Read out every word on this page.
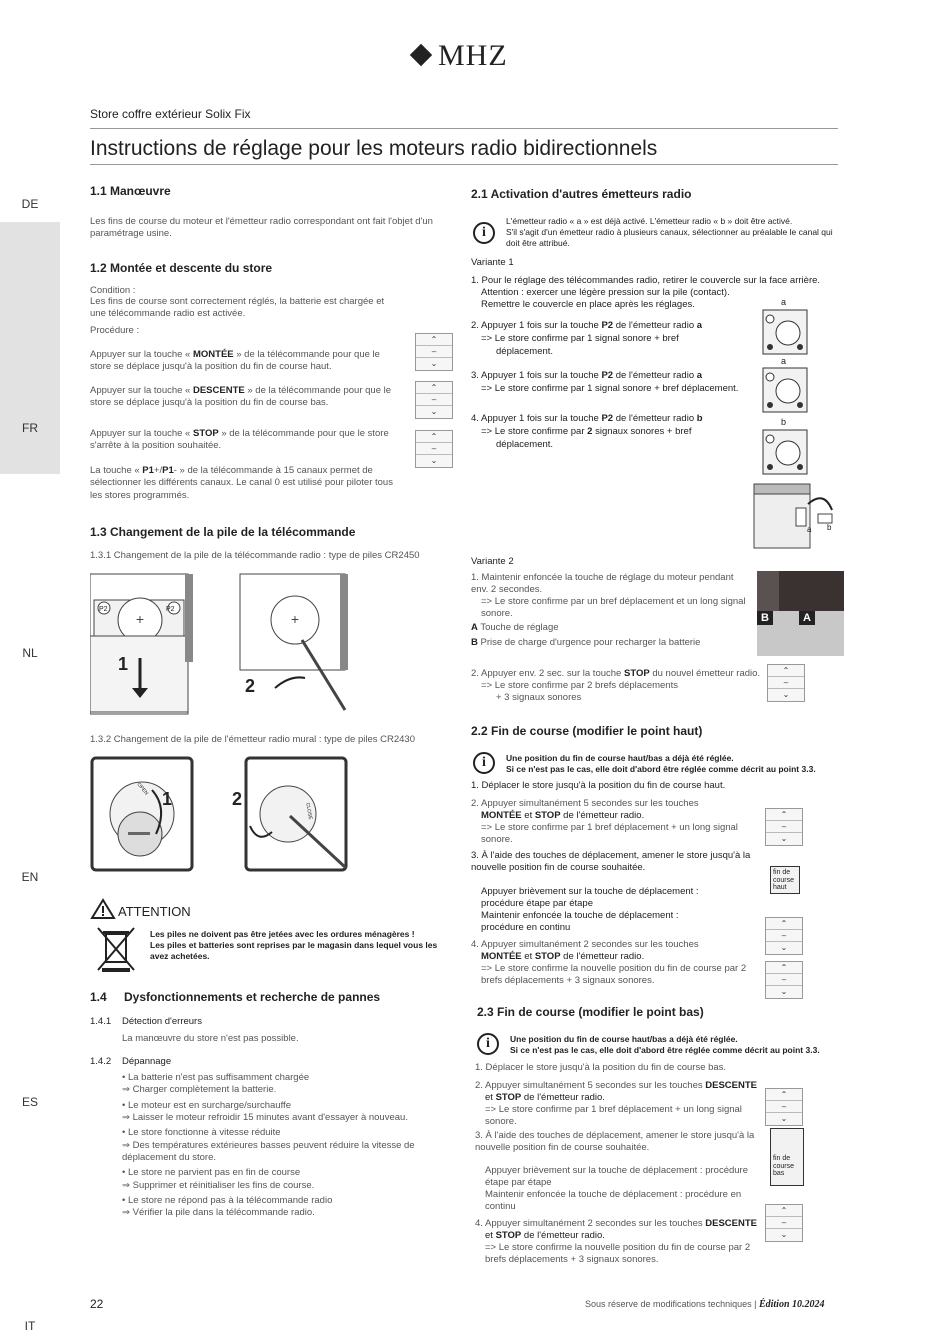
MHZ
Store coffre extérieur Solix Fix
Instructions de réglage pour les moteurs radio bidirectionnels
DE
FR
NL
EN
ES
IT
1.1 Manœuvre
Les fins de course du moteur et l'émetteur radio correspondant ont fait l'objet d'un paramétrage usine.
1.2 Montée et descente du store
Condition :
Les fins de course sont correctement réglés, la batterie est chargée et une télécommande radio est activée.
Procédure :
Appuyer sur la touche « MONTÉE » de la télécommande pour que le store se déplace jusqu'à la position du fin de course haut.
⌃
–
⌄
Appuyer sur la touche « DESCENTE » de la télécommande pour que le store se déplace jusqu'à la position du fin de course bas.
⌃
–
⌄
Appuyer sur la touche « STOP » de la télécommande pour que le store s'arrête à la position souhaitée.
⌃
–
⌄
La touche « P1+/P1- » de la télécommande à 15 canaux permet de sélectionner les différents canaux. Le canal 0 est utilisé pour piloter tous les stores programmés.
1.3 Changement de la pile de la télécommande
1.3.1 Changement de la pile de la télécommande radio : type de piles CR2450
+	+
1
2
P2	P2
1.3.2 Changement de la pile de l'émetteur radio mural : type de piles CR2430
1	2
OPEN
CLOSE
ATTENTION
Les piles ne doivent pas être jetées avec les ordures ménagères !
Les piles et batteries sont reprises par le magasin dans lequel vous les avez achetées.
1.4 Dysfonctionnements et recherche de pannes
1.4.1 Détection d'erreurs
La manœuvre du store n'est pas possible.
1.4.2 Dépannage
• La batterie n'est pas suffisamment chargée
⇒ Charger complètement la batterie.
• Le moteur est en surcharge/surchauffe
⇒ Laisser le moteur refroidir 15 minutes avant d'essayer à nouveau.
• Le store fonctionne à vitesse réduite
⇒ Des températures extérieures basses peuvent réduire la vitesse de déplacement du store.
• Le store ne parvient pas en fin de course
⇒ Supprimer et réinitialiser les fins de course.
• Le store ne répond pas à la télécommande radio
⇒ Vérifier la pile dans la télécommande radio.
2.1 Activation d'autres émetteurs radio
i
L'émetteur radio « a » est déjà activé. L'émetteur radio « b » doit être activé.
S'il s'agit d'un émetteur radio à plusieurs canaux, sélectionner au préalable le canal qui doit être attribué.
Variante 1
1. Pour le réglage des télécommandes radio, retirer le couvercle sur la face arrière.
Attention : exercer une légère pression sur la pile (contact).
Remettre le couvercle en place après les réglages.
2. Appuyer 1 fois sur la touche P2 de l'émetteur radio a
=> Le store confirme par 1 signal sonore + bref
déplacement.
3. Appuyer 1 fois sur la touche P2 de l'émetteur radio a
=> Le store confirme par 1 signal sonore + bref déplacement.
4. Appuyer 1 fois sur la touche P2 de l'émetteur radio b
=> Le store confirme par 2 signaux sonores + bref
déplacement.
a
a
b
a b
Variante 2
1. Maintenir enfoncée la touche de réglage du moteur pendant env. 2 secondes.
=> Le store confirme par un bref déplacement et un long signal sonore.
A Touche de réglage
B Prise de charge d'urgence pour recharger la batterie
B	A
2. Appuyer env. 2 sec. sur la touche STOP du nouvel émetteur radio.
=> Le store confirme par 2 brefs déplacements
+ 3 signaux sonores
⌃
–
⌄
2.2 Fin de course (modifier le point haut)
i	Une position du fin de course haut/bas a déjà été réglée.
Si ce n'est pas le cas, elle doit d'abord être réglée comme décrit au point 3.3.
1. Déplacer le store jusqu'à la position du fin de course haut.
2. Appuyer simultanément 5 secondes sur les touches
MONTÉE et STOP de l'émetteur radio.
=> Le store confirme par 1 bref déplacement + un long signal sonore.
⌃
–
⌄
3. À l'aide des touches de déplacement, amener le store jusqu'à la nouvelle position fin de course souhaitée.	fin de course haut
Appuyer brièvement sur la touche de déplacement :
procédure étape par étape
Maintenir enfoncée la touche de déplacement :
procédure en continu	⌃
–
⌄
4. Appuyer simultanément 2 secondes sur les touches
MONTÉE et STOP de l'émetteur radio.
=> Le store confirme la nouvelle position du fin de course par 2 brefs déplacements + 3 signaux sonores.
⌃
–
⌄
2.3 Fin de course (modifier le point bas)
i	Une position du fin de course haut/bas a déjà été réglée.
Si ce n'est pas le cas, elle doit d'abord être réglée comme décrit au point 3.3.
1. Déplacer le store jusqu'à la position du fin de course bas.
2. Appuyer simultanément 5 secondes sur les touches DESCENTE
et STOP de l'émetteur radio.
=> Le store confirme par 1 bref déplacement + un long signal sonore.
⌃
–
⌄
3. À l'aide des touches de déplacement, amener le store jusqu'à la nouvelle position fin de course souhaitée.
fin de course bas
Appuyer brièvement sur la touche de déplacement : procédure étape par étape
Maintenir enfoncée la touche de déplacement : procédure en continu
4. Appuyer simultanément 2 secondes sur les touches DESCENTE
et STOP de l'émetteur radio.
=> Le store confirme la nouvelle position du fin de course par 2 brefs déplacements + 3 signaux sonores.
⌃
–
⌄
22	Sous réserve de modifications techniques | Édition 10.2024
